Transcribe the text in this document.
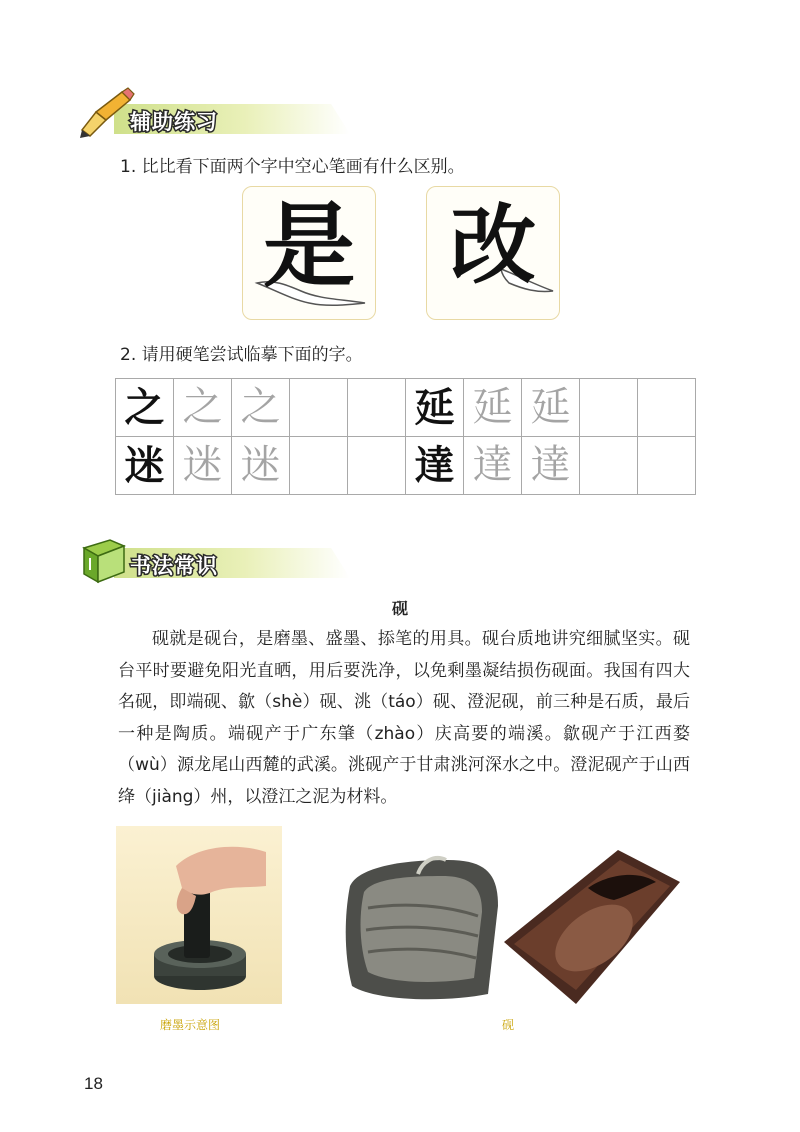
辅助练习
1. 比比看下面两个字中空心笔画有什么区别。
是 改
2. 请用硬笔尝试临摹下面的字。
之	之	之			延	延	延		
迷	迷	迷			達	達	達		
书法常识
砚
砚就是砚台，是磨墨、盛墨、掭笔的用具。砚台质地讲究细腻坚实。砚台平时要避免阳光直晒，用后要洗净，以免剩墨凝结损伤砚面。我国有四大名砚，即端砚、歙（shè）砚、洮（táo）砚、澄泥砚，前三种是石质，最后一种是陶质。端砚产于广东肇（zhào）庆高要的端溪。歙砚产于江西婺（wù）源龙尾山西麓的武溪。洮砚产于甘肃洮河深水之中。澄泥砚产于山西绛（jiàng）州，以澄江之泥为材料。
磨墨示意图	砚
18
